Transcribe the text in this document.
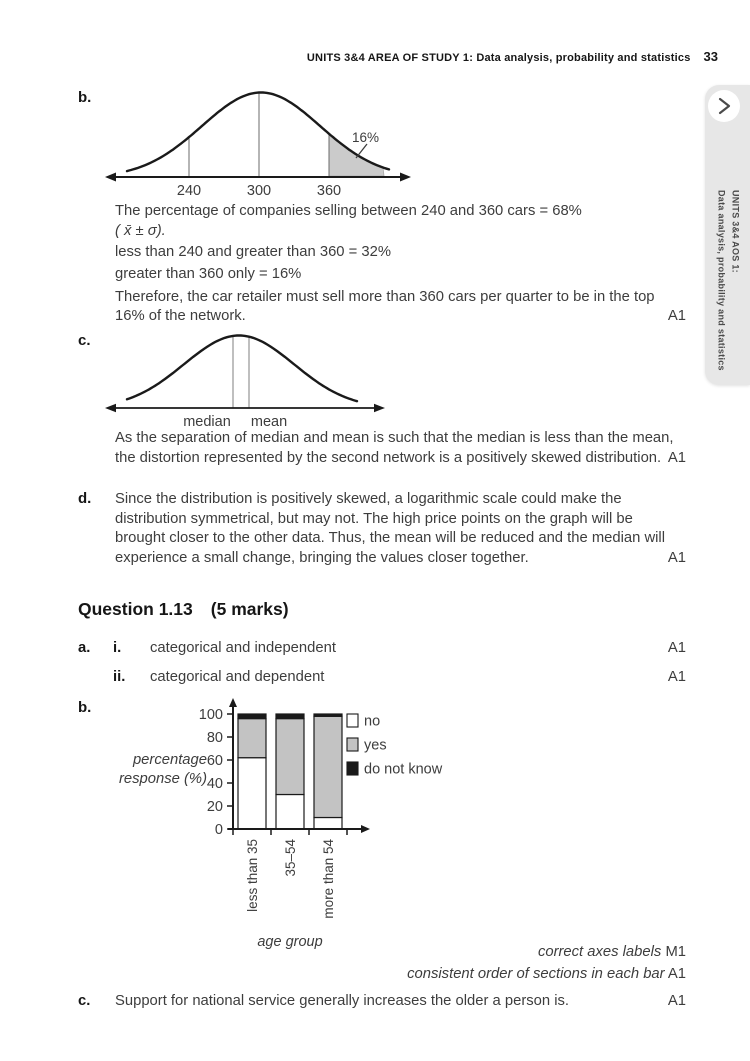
UNITS 3&4 AREA OF STUDY 1: Data analysis, probability and statistics 33
UNITS 3&4 AOS 1:
Data analysis, probability and statistics
b.
240	300	360
16%
The percentage of companies selling between 240 and 360 cars = 68%
( x̄ ± σ).
less than 240 and greater than 360 = 32%
greater than 360 only = 16%
Therefore, the car retailer must sell more than 360 cars per quarter to be in the top 16% of the network.	A1
c.
median mean
As the separation of median and mean is such that the median is less than the mean, the distortion represented by the second network is a positively skewed distribution. A1
d. Since the distribution is positively skewed, a logarithmic scale could make the distribution symmetrical, but may not. The high price points on the graph will be brought closer to the other data. Thus, the mean will be reduced and the median will experience a small change, bringing the values closer together.	A1
Question 1.13 (5 marks)
a. i. categorical and independent	A1
ii. categorical and dependent	A1
b.
percentage
response (%)
0
20
40
60
80
100
less than 35 35–54 more than 54
no
yes
do not know
age group
correct axes labels M1
consistent order of sections in each bar A1
c. Support for national service generally increases the older a person is.	A1
